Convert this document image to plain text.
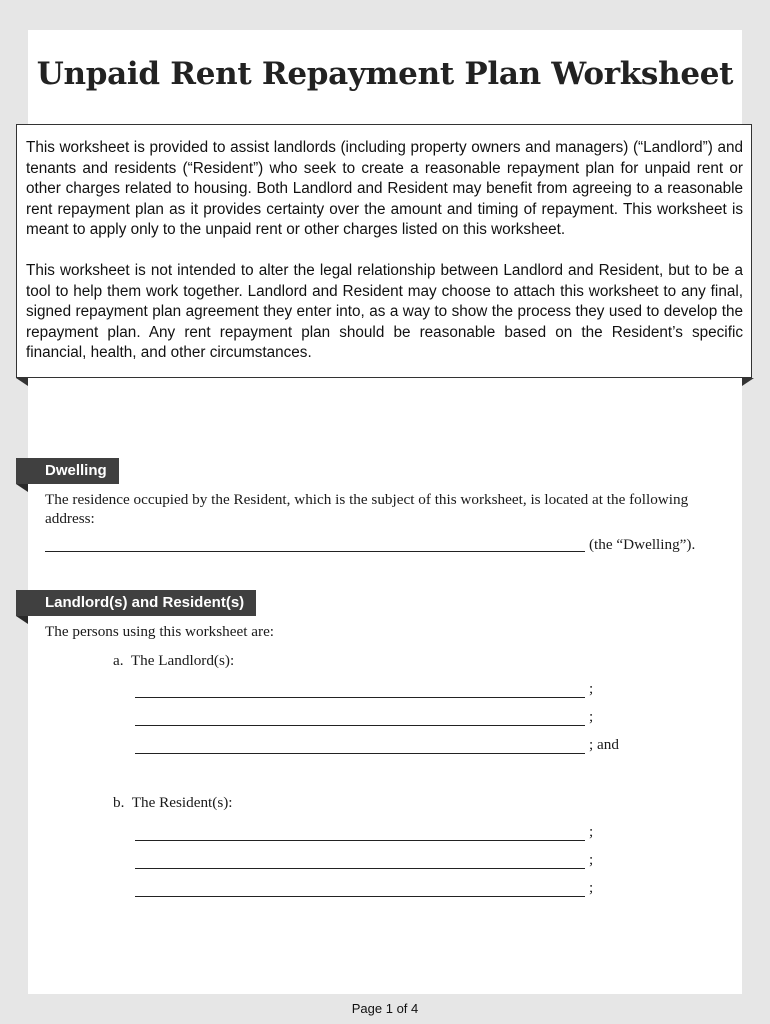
Unpaid Rent Repayment Plan Worksheet

This worksheet is provided to assist landlords (including property owners and managers) (“Landlord”) and tenants and residents (“Resident”) who seek to create a reasonable repayment plan for unpaid rent or other charges related to housing. Both Landlord and Resident may benefit from agreeing to a reasonable rent repayment plan as it provides certainty over the amount and timing of repayment. This worksheet is meant to apply only to the unpaid rent or other charges listed on this worksheet.

This worksheet is not intended to alter the legal relationship between Landlord and Resident, but to be a tool to help them work together. Landlord and Resident may choose to attach this worksheet to any final, signed repayment plan agreement they enter into, as a way to show the process they used to develop the repayment plan. Any rent repayment plan should be reasonable based on the Resident’s specific financial, health, and other circumstances.

Dwelling
The residence occupied by the Resident, which is the subject of this worksheet, is located at the following address:
(the “Dwelling”).
Landlord(s) and Resident(s)
The persons using this worksheet are:
a.  The Landlord(s):
;
;
; and
b.  The Resident(s):
;
;
;
Page 1 of 4
